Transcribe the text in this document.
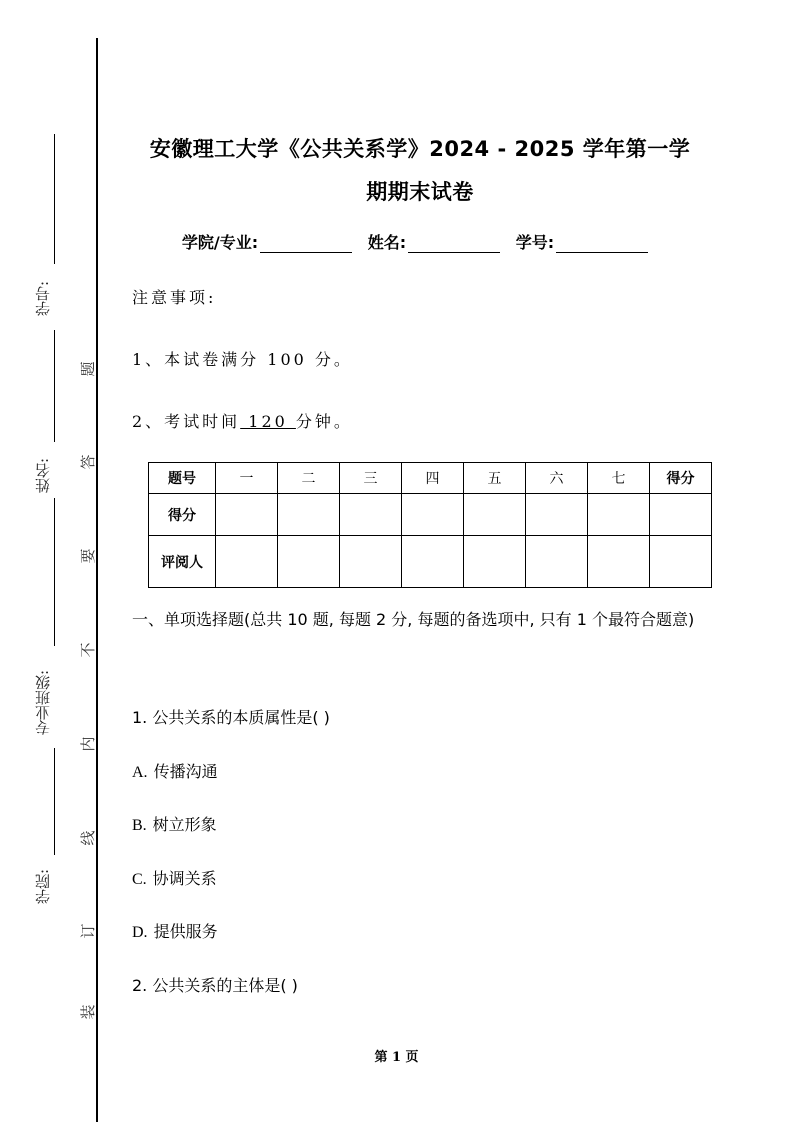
学号:
姓名:
专业班级:
学院:
题
答
要
不
内
线
订
装
安徽理工大学《公共关系学》2024 - 2025 学年第一学
期期末试卷
学院/专业:	姓名:	学号:
注意事项:
1、本试卷满分 100 分。
2、考试时间 120 分钟。
题号	一	二	三	四	五	六	七	得分
得分								
评阅人								
一、单项选择题(总共 10 题, 每题 2 分, 每题的备选项中, 只有 1 个最符合题意)
1. 公共关系的本质属性是( )
A. 传播沟通
B. 树立形象
C. 协调关系
D. 提供服务
2. 公共关系的主体是( )
第 1 页
